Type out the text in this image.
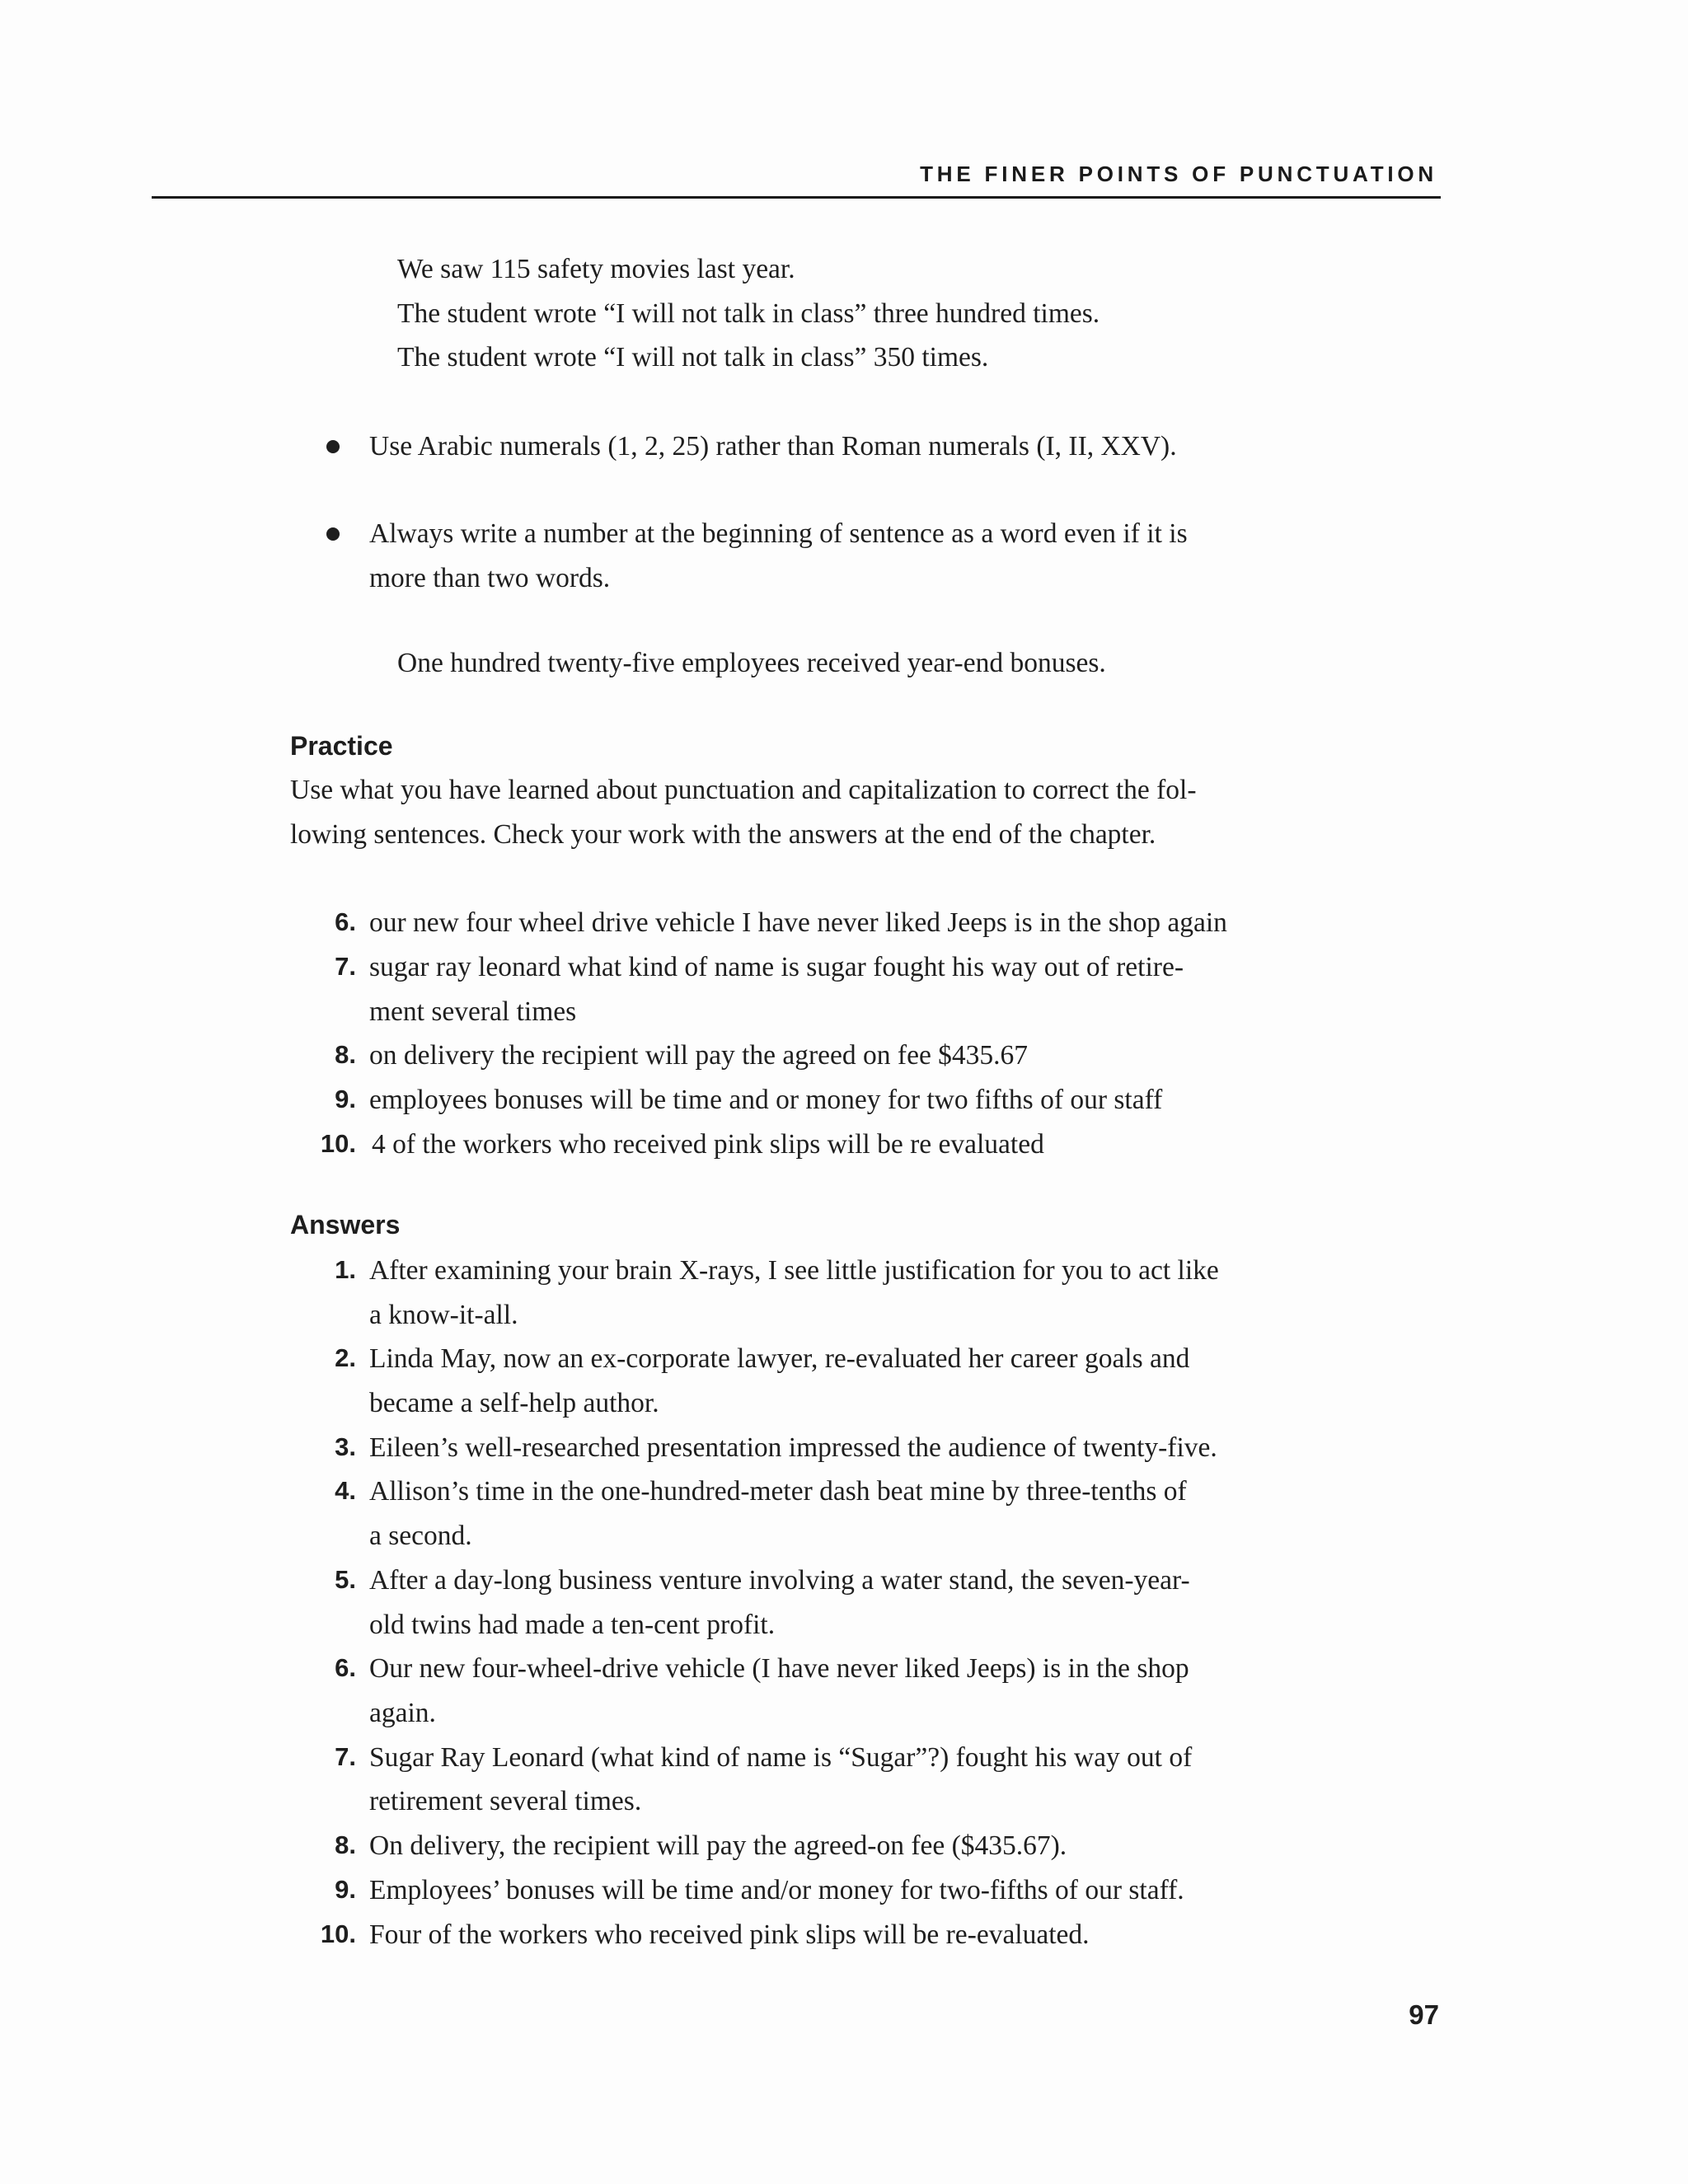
THE FINER POINTS OF PUNCTUATION
We saw 115 safety movies last year.
The student wrote “I will not talk in class” three hundred times.
The student wrote “I will not talk in class” 350 times.
Use Arabic numerals (1, 2, 25) rather than Roman numerals (I, II, XXV).
Always write a number at the beginning of sentence as a word even if it is
more than two words.
One hundred twenty-five employees received year-end bonuses.
Practice
Use what you have learned about punctuation and capitalization to correct the fol-
lowing sentences. Check your work with the answers at the end of the chapter.
6. our new four wheel drive vehicle I have never liked Jeeps is in the shop again
7. sugar ray leonard what kind of name is sugar fought his way out of retire-
ment several times
8. on delivery the recipient will pay the agreed on fee $435.67
9. employees bonuses will be time and or money for two fifths of our staff
10. 4 of the workers who received pink slips will be re evaluated
Answers
1. After examining your brain X-rays, I see little justification for you to act like
a know-it-all.
2. Linda May, now an ex-corporate lawyer, re-evaluated her career goals and
became a self-help author.
3. Eileen’s well-researched presentation impressed the audience of twenty-five.
4. Allison’s time in the one-hundred-meter dash beat mine by three-tenths of
a second.
5. After a day-long business venture involving a water stand, the seven-year-
old twins had made a ten-cent profit.
6. Our new four-wheel-drive vehicle (I have never liked Jeeps) is in the shop
again.
7. Sugar Ray Leonard (what kind of name is “Sugar”?) fought his way out of
retirement several times.
8. On delivery, the recipient will pay the agreed-on fee ($435.67).
9. Employees’ bonuses will be time and/or money for two-fifths of our staff.
10. Four of the workers who received pink slips will be re-evaluated.
97
